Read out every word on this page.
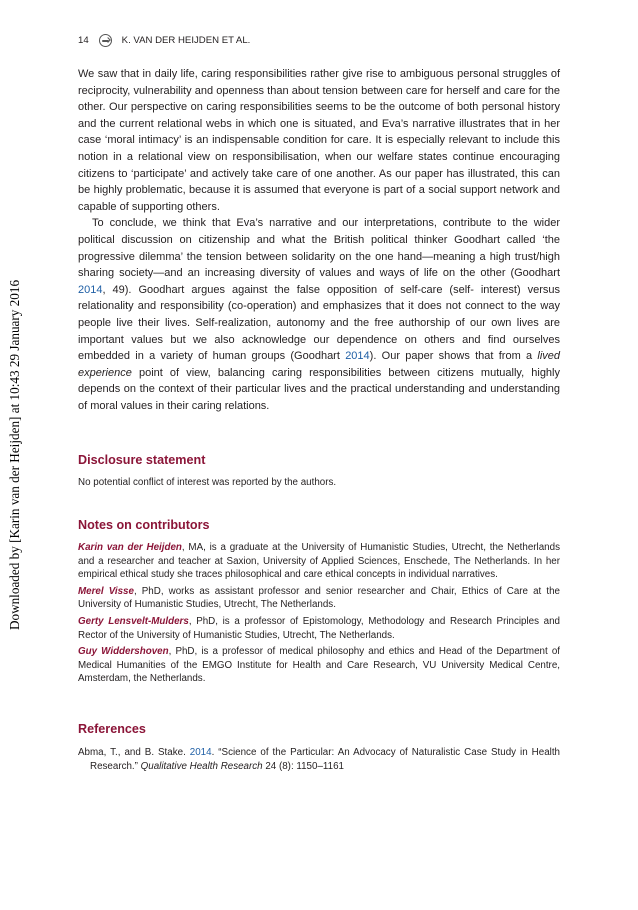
Downloaded by [Karin van der Heijden] at 10:43 29 January 2016
14	K. VAN DER HEIJDEN ET AL.

We saw that in daily life, caring responsibilities rather give rise to ambiguous personal struggles of reciprocity, vulnerability and openness than about tension between care for herself and care for the other. Our perspective on caring responsibilities seems to be the outcome of both personal history and the current relational webs in which one is situated, and Eva’s narrative illustrates that in her case ‘moral intimacy’ is an indispensable condition for care. It is especially relevant to include this notion in a relational view on responsibilisation, when our welfare states continue encouraging citizens to ‘participate’ and actively take care of one another. As our paper has illustrated, this can be highly problematic, because it is assumed that everyone is part of a social support network and capable of supporting others.

To conclude, we think that Eva’s narrative and our interpretations, contribute to the wider political discussion on citizenship and what the British political thinker Goodhart called ‘the progressive dilemma’ the tension between solidarity on the one hand—meaning a high trust/high sharing society—and an increasing diversity of values and ways of life on the other (Goodhart 2014, 49). Goodhart argues against the false opposition of self-care (self- interest) versus relationality and responsibility (co-operation) and emphasizes that it does not connect to the way people live their lives. Self-realization, autonomy and the free authorship of our own lives are important values but we also acknowledge our dependence on others and find ourselves embedded in a variety of human groups (Goodhart 2014). Our paper shows that from a lived experience point of view, balancing caring responsibilities between citizens mutually, highly depends on the context of their particular lives and the practical understanding and understanding of moral values in their caring relations.

Disclosure statement

No potential conflict of interest was reported by the authors.

Notes on contributors

Karin van der Heijden, MA, is a graduate at the University of Humanistic Studies, Utrecht, the Netherlands and a researcher and teacher at Saxion, University of Applied Sciences, Enschede, The Netherlands. In her empirical ethical study she traces philosophical and care ethical concepts in individual narratives.

Merel Visse, PhD, works as assistant professor and senior researcher and Chair, Ethics of Care at the University of Humanistic Studies, Utrecht, The Netherlands.

Gerty Lensvelt-Mulders, PhD, is a professor of Epistomology, Methodology and Research Principles and Rector of the University of Humanistic Studies, Utrecht, The Netherlands.

Guy Widdershoven, PhD, is a professor of medical philosophy and ethics and Head of the Department of Medical Humanities of the EMGO Institute for Health and Care Research, VU University Medical Centre, Amsterdam, the Netherlands.

References

Abma, T., and B. Stake. 2014. “Science of the Particular: An Advocacy of Naturalistic Case Study in Health Research.” Qualitative Health Research 24 (8): 1150–1161
